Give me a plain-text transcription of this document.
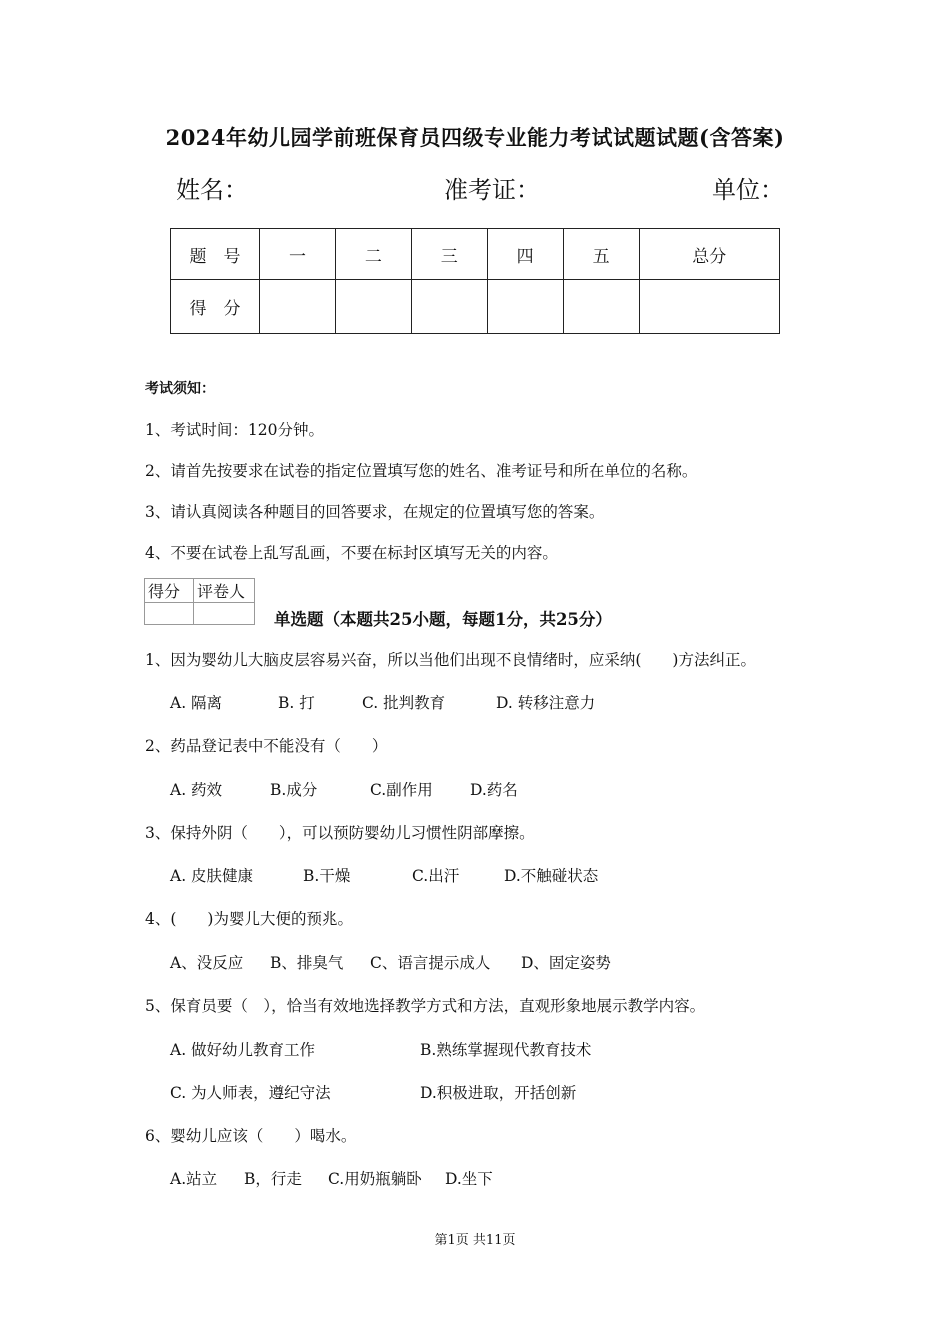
2024年幼儿园学前班保育员四级专业能力考试试题试题(含答案)
姓名：	准考证：	单位：
题　号	一	二	三	四	五	总分
得　分						
考试须知：
1、考试时间：120分钟。
2、请首先按要求在试卷的指定位置填写您的姓名、准考证号和所在单位的名称。
3、请认真阅读各种题目的回答要求，在规定的位置填写您的答案。
4、不要在试卷上乱写乱画，不要在标封区填写无关的内容。
得分	评卷人

单选题（本题共25小题，每题1分，共25分）
1、因为婴幼儿大脑皮层容易兴奋，所以当他们出现不良情绪时，应采纳(　　)方法纠正。
A. 隔离	B. 打	C. 批判教育	D. 转移注意力
2、药品登记表中不能没有（　　）
A. 药效	B.成分	C.副作用 D.药名
3、保持外阴（　　），可以预防婴幼儿习惯性阴部摩擦。
A. 皮肤健康	B.干燥	C.出汗	D.不触碰状态
4、(　　)为婴儿大便的预兆。
A、没反应 B、排臭气 C、语言提示成人 D、固定姿势
5、保育员要（　），恰当有效地选择教学方式和方法，直观形象地展示教学内容。
A. 做好幼儿教育工作	B.熟练掌握现代教育技术
C. 为人师表，遵纪守法	D.积极进取，开括创新
6、婴幼儿应该（　　）喝水。
A.站立 B，行走 C.用奶瓶躺卧 D.坐下
第1页 共11页
